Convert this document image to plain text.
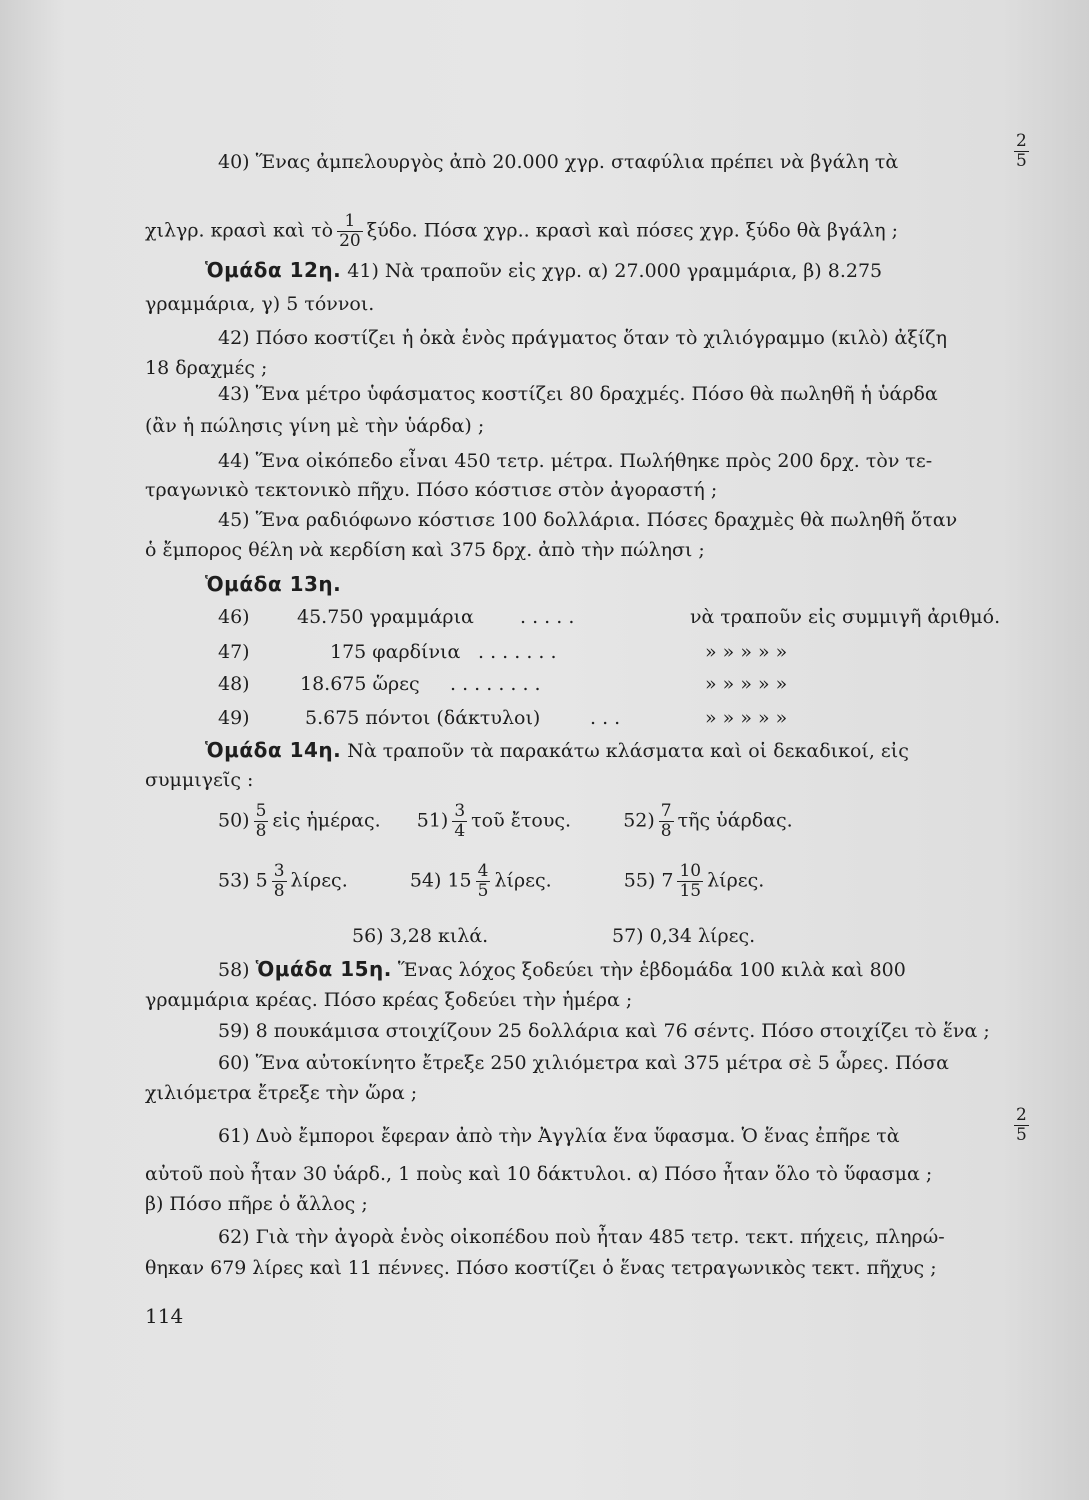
40) Ἕνας ἀμπελουργὸς ἀπὸ 20.000 χγρ. σταφύλια πρέπει νὰ βγάλη τὰ	$\frac{2}{5}$
χιλγρ. κρασὶ καὶ τὸ $\frac{1}{20} \xi ύ\delta o$. Πόσα χγρ.. κρασὶ καὶ πόσες χγρ. ξύδο θὰ βγάλη ;
Ὁμάδα 12η. 41) Νὰ τραποῦν εἰς χγρ. α) 27.000 γραμμάρια, β) 8.275
γραμμάρια, γ) 5 τόννοι.
42) Πόσο κοστίζει ἡ ὀκὰ ἑνὸς πράγματος ὅταν τὸ χιλιόγραμμο (κιλὸ) ἀξίζη
18 δραχμές ;
43) Ἕνα μέτρο ὑφάσματος κοστίζει 80 δραχμές. Πόσο θὰ πωληθῆ ἡ ὑάρδα
(ἂν ἡ πώλησις γίνη μὲ τὴν ὑάρδα) ;
44) Ἕνα οἰκόπεδο εἶναι 450 τετρ. μέτρα. Πωλήθηκε πρὸς 200 δρχ. τὸν τε-
τραγωνικὸ τεκτονικὸ πῆχυ. Πόσο κόστισε στὸν ἀγοραστή ;
45) Ἕνα ραδιόφωνο κόστισε 100 δολλάρια. Πόσες δραχμὲς θὰ πωληθῆ ὅταν
ὁ ἔμπορος θέλη νὰ κερδίση καὶ 375 δρχ. ἀπὸ τὴν πώλησι ;
Ὁμάδα 13η.
46) 45.750 γραμμάρια . . . . .	νὰ τραποῦν εἰς συμμιγῆ ἀριθμό.
47)	175 φαρδίνια . . . . . . .	» » » » »
48)	18.675 ὥρες . . . . . . . .	» » » » »
49)	5.675 πόντοι (δάκτυλοι)	. . .	» » » » »
Ὁμάδα 14η. Νὰ τραποῦν τὰ παρακάτω κλάσματα καὶ οἱ δεκαδικοί, εἰς
συμμιγεῖς :
$50) \frac{5}{8}$ εἰς ἡμέρας. $51) \frac{3}{4}$ τοῦ ἔτους.	$52) \frac{7}{8}$ τῆς ὑάρδας.
53) $5 \frac{3}{8} \lambda ί\rho\varepsilon\varsigma$.	54) $15 \frac{4}{5} \lambda ί\rho\varepsilon\varsigma$.	55) $7 \frac{10}{15} \lambda ί\rho\varepsilon\varsigma$.
56) 3,28 κιλά.	57) 0,34 λίρες.
58) Ὁμάδα 15η. Ἕνας λόχος ξοδεύει τὴν ἑβδομάδα 100 κιλὰ καὶ 800
γραμμάρια κρέας. Πόσο κρέας ξοδεύει τὴν ἡμέρα ;
59) 8 πουκάμισα στοιχίζουν 25 δολλάρια καὶ 76 σέντς. Πόσο στοιχίζει τὸ ἕνα ;
60) Ἕνα αὐτοκίνητο ἔτρεξε 250 χιλιόμετρα καὶ 375 μέτρα σὲ 5 ὧρες. Πόσα
χιλιόμετρα ἔτρεξε τὴν ὥρα ;
61) Δυὸ ἔμποροι ἔφεραν ἀπὸ τὴν Ἀγγλία ἕνα ὕφασμα. Ὁ ἕνας ἐπῆρε τὰ	$\frac{2}{5}$
αὐτοῦ ποὺ ἦταν 30 ὑάρδ., 1 ποὺς καὶ 10 δάκτυλοι. α) Πόσο ἦταν ὅλο τὸ ὕφασμα ;
β) Πόσο πῆρε ὁ ἄλλος ;
62) Γιὰ τὴν ἀγορὰ ἑνὸς οἰκοπέδου ποὺ ἦταν 485 τετρ. τεκτ. πήχεις, πληρώ-
θηκαν 679 λίρες καὶ 11 πέννες. Πόσο κοστίζει ὁ ἕνας τετραγωνικὸς τεκτ. πῆχυς ;
114
